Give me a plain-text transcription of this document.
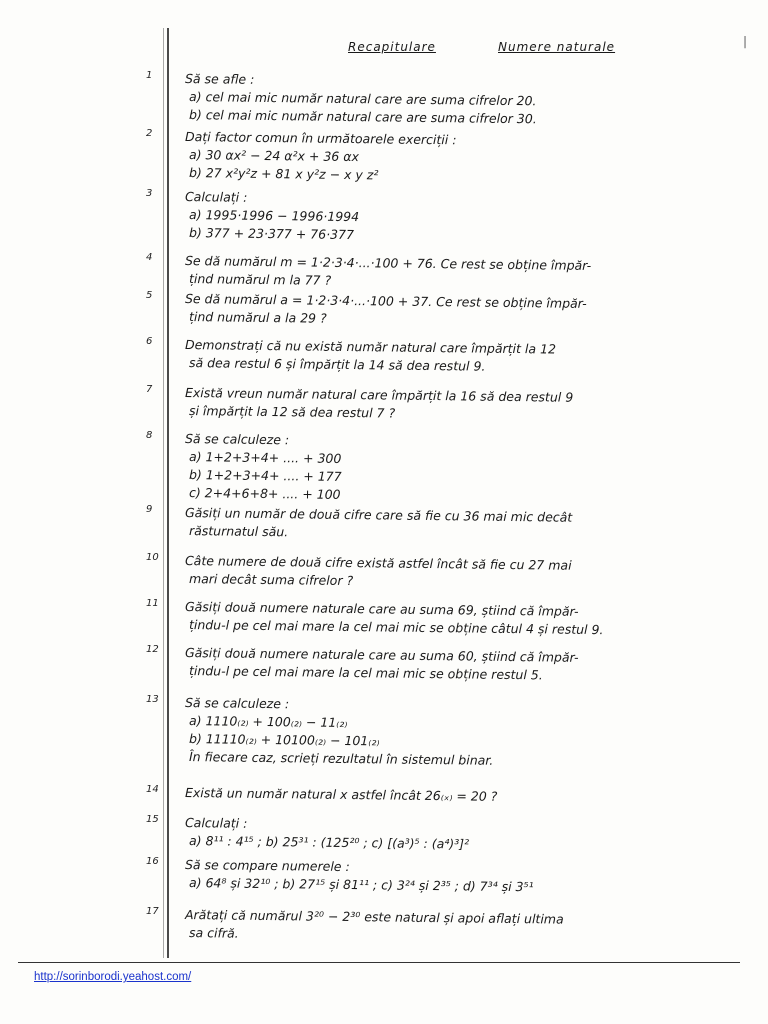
|
Recapitulare	Numere naturale
1	Să se afle :
a) cel mai mic număr natural care are suma cifrelor 20.
b) cel mai mic număr natural care are suma cifrelor 30.
2	Dați factor comun în următoarele exerciții :
a) 30 αx² − 24 α²x + 36 αx
b) 27 x²y²z + 81 x y²z − x y z²
3	Calculați :
a) 1995·1996 − 1996·1994
b) 377 + 23·377 + 76·377
4	Se dă numărul m = 1·2·3·4·...·100 + 76. Ce rest se obține împăr-
țind numărul m la 77 ?
5	Se dă numărul a = 1·2·3·4·...·100 + 37. Ce rest se obține împăr-
țind numărul a la 29 ?
6	Demonstrați că nu există număr natural care împărțit la 12
să dea restul 6 și împărțit la 14 să dea restul 9.
7	Există vreun număr natural care împărțit la 16 să dea restul 9
și împărțit la 12 să dea restul 7 ?
8	Să se calculeze :
a) 1+2+3+4+ .... + 300
b) 1+2+3+4+ .... + 177
c) 2+4+6+8+ .... + 100
9	Găsiți un număr de două cifre care să fie cu 36 mai mic decât
răsturnatul său.
10 Câte numere de două cifre există astfel încât să fie cu 27 mai
mari decât suma cifrelor ?
11 Găsiți două numere naturale care au suma 69, știind că împăr-
țindu-l pe cel mai mare la cel mai mic se obține câtul 4 și restul 9.
12 Găsiți două numere naturale care au suma 60, știind că împăr-
țindu-l pe cel mai mare la cel mai mic se obține restul 5.
13 Să se calculeze :
a) 1110₍₂₎ + 100₍₂₎ − 11₍₂₎
b) 11110₍₂₎ + 10100₍₂₎ − 101₍₂₎
În fiecare caz, scrieți rezultatul în sistemul binar.
14 Există un număr natural x astfel încât 26₍ₓ₎ = 20 ?
15 Calculați :
a) 8¹¹ : 4¹⁵ ; b) 25³¹ : (125²⁰ ; c) [(a³)⁵ : (a⁴)³]²
16 Să se compare numerele :
a) 64⁸ și 32¹⁰ ; b) 27¹⁵ și 81¹¹ ; c) 3²⁴ și 2³⁵ ; d) 7³⁴ și 3⁵¹
17 Arătați că numărul 3²⁰ − 2³⁰ este natural și apoi aflați ultima
sa cifră.
http://sorinborodi.yeahost.com/
